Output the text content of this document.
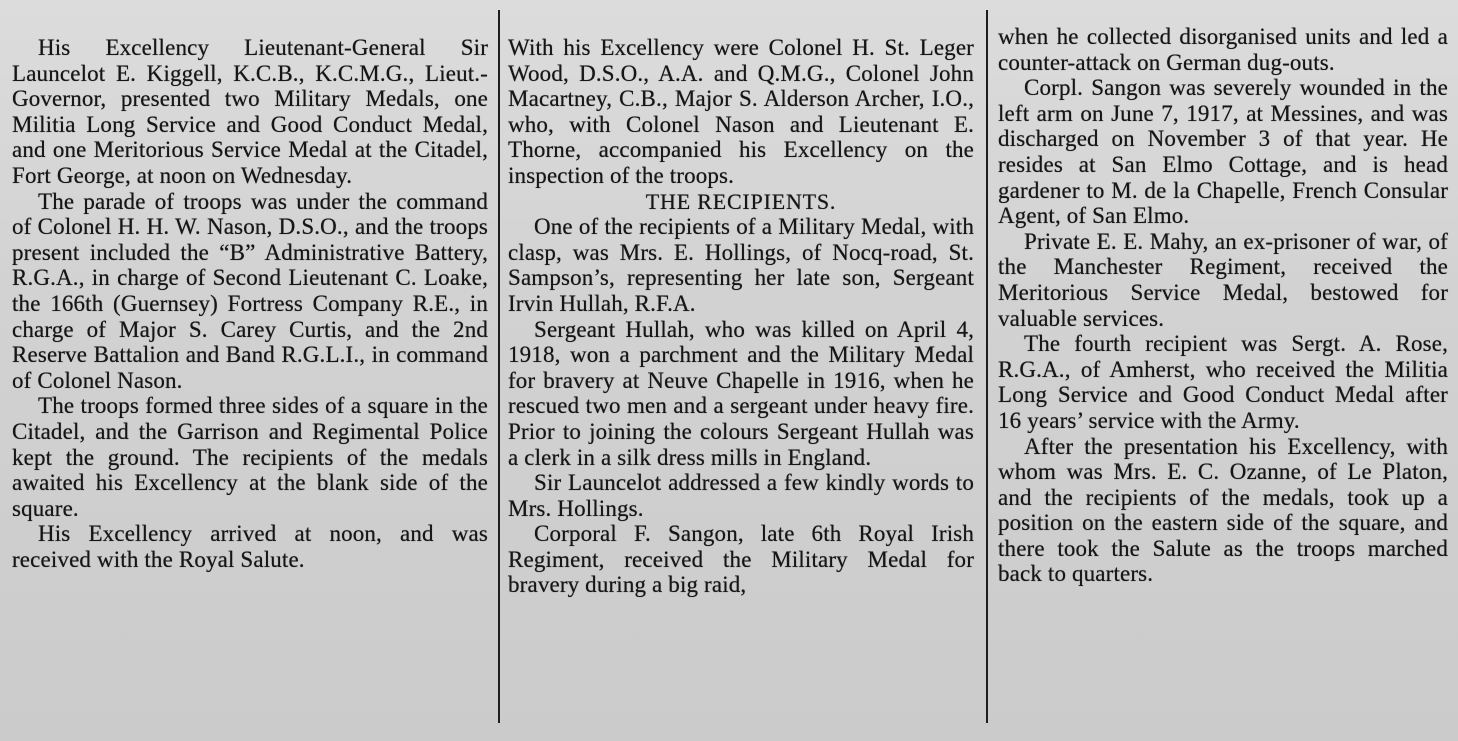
His Excellency Lieutenant-General Sir Launcelot E. Kiggell, K.C.B., K.C.M.G., Lieut.-Governor, presented two Military Medals, one Militia Long Service and Good Conduct Medal, and one Meritorious Service Medal at the Citadel, Fort George, at noon on Wednesday.

The parade of troops was under the command of Colonel H. H. W. Nason, D.S.O., and the troops present included the “B” Administrative Battery, R.G.A., in charge of Second Lieutenant C. Loake, the 166th (Guernsey) Fortress Company R.E., in charge of Major S. Carey Curtis, and the 2nd Reserve Battalion and Band R.G.L.I., in command of Colonel Nason.

The troops formed three sides of a square in the Citadel, and the Garrison and Regimental Police kept the ground. The recipients of the medals awaited his Excellency at the blank side of the square.

His Excellency arrived at noon, and was received with the Royal Salute.

With his Excellency were Colonel H. St. Leger Wood, D.S.O., A.A. and Q.M.G., Colonel John Macartney, C.B., Major S. Alderson Archer, I.O., who, with Colonel Nason and Lieutenant E. Thorne, accompanied his Excellency on the inspection of the troops.

THE RECIPIENTS.

One of the recipients of a Military Medal, with clasp, was Mrs. E. Hollings, of Nocq-road, St. Sampson’s, representing her late son, Sergeant Irvin Hullah, R.F.A.

Sergeant Hullah, who was killed on April 4, 1918, won a parchment and the Military Medal for bravery at Neuve Chapelle in 1916, when he rescued two men and a sergeant under heavy fire. Prior to joining the colours Sergeant Hullah was a clerk in a silk dress mills in England.

Sir Launcelot addressed a few kindly words to Mrs. Hollings.

Corporal F. Sangon, late 6th Royal Irish Regiment, received the Military Medal for bravery during a big raid,

when he collected disorganised units and led a counter-attack on German dug-outs.

Corpl. Sangon was severely wounded in the left arm on June 7, 1917, at Messines, and was discharged on November 3 of that year. He resides at San Elmo Cottage, and is head gardener to M. de la Chapelle, French Consular Agent, of San Elmo.

Private E. E. Mahy, an ex-prisoner of war, of the Manchester Regiment, received the Meritorious Service Medal, bestowed for valuable services.

The fourth recipient was Sergt. A. Rose, R.G.A., of Amherst, who received the Militia Long Service and Good Conduct Medal after 16 years’ service with the Army.

After the presentation his Excellency, with whom was Mrs. E. C. Ozanne, of Le Platon, and the recipients of the medals, took up a position on the eastern side of the square, and there took the Salute as the troops marched back to quarters.
